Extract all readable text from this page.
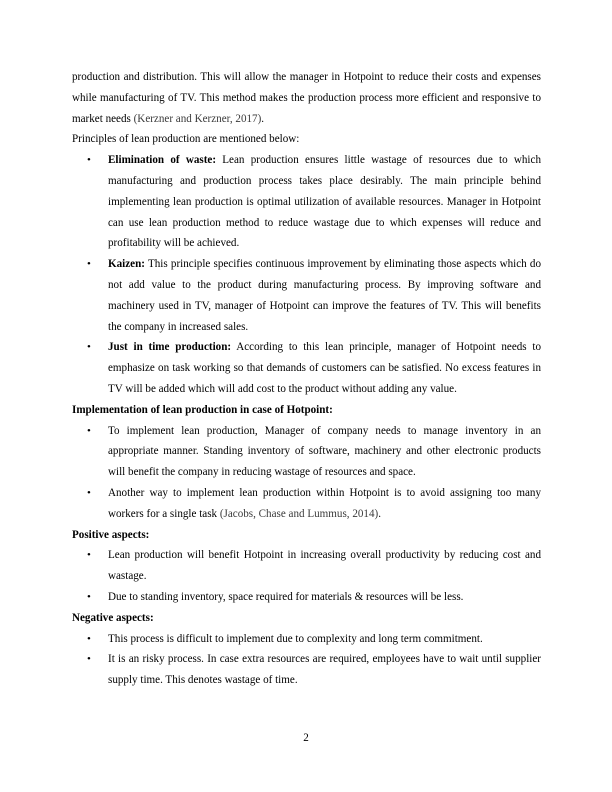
production and distribution. This will allow the manager in Hotpoint to reduce their costs and expenses while manufacturing of TV. This method makes the production process more efficient and responsive to market needs (Kerzner and Kerzner, 2017).

Principles of lean production are mentioned below:

• Elimination of waste: Lean production ensures little wastage of resources due to which manufacturing and production process takes place desirably. The main principle behind implementing lean production is optimal utilization of available resources. Manager in Hotpoint can use lean production method to reduce wastage due to which expenses will reduce and profitability will be achieved.
• Kaizen: This principle specifies continuous improvement by eliminating those aspects which do not add value to the product during manufacturing process. By improving software and machinery used in TV, manager of Hotpoint can improve the features of TV. This will benefits the company in increased sales.
• Just in time production: According to this lean principle, manager of Hotpoint needs to emphasize on task working so that demands of customers can be satisfied. No excess features in TV will be added which will add cost to the product without adding any value.

Implementation of lean production in case of Hotpoint:

• To implement lean production, Manager of company needs to manage inventory in an appropriate manner. Standing inventory of software, machinery and other electronic products will benefit the company in reducing wastage of resources and space.
• Another way to implement lean production within Hotpoint is to avoid assigning too many workers for a single task (Jacobs, Chase and Lummus, 2014).

Positive aspects:

• Lean production will benefit Hotpoint in increasing overall productivity by reducing cost and wastage.
• Due to standing inventory, space required for materials & resources will be less.

Negative aspects:

• This process is difficult to implement due to complexity and long term commitment.
• It is an risky process. In case extra resources are required, employees have to wait until supplier supply time. This denotes wastage of time.
2
